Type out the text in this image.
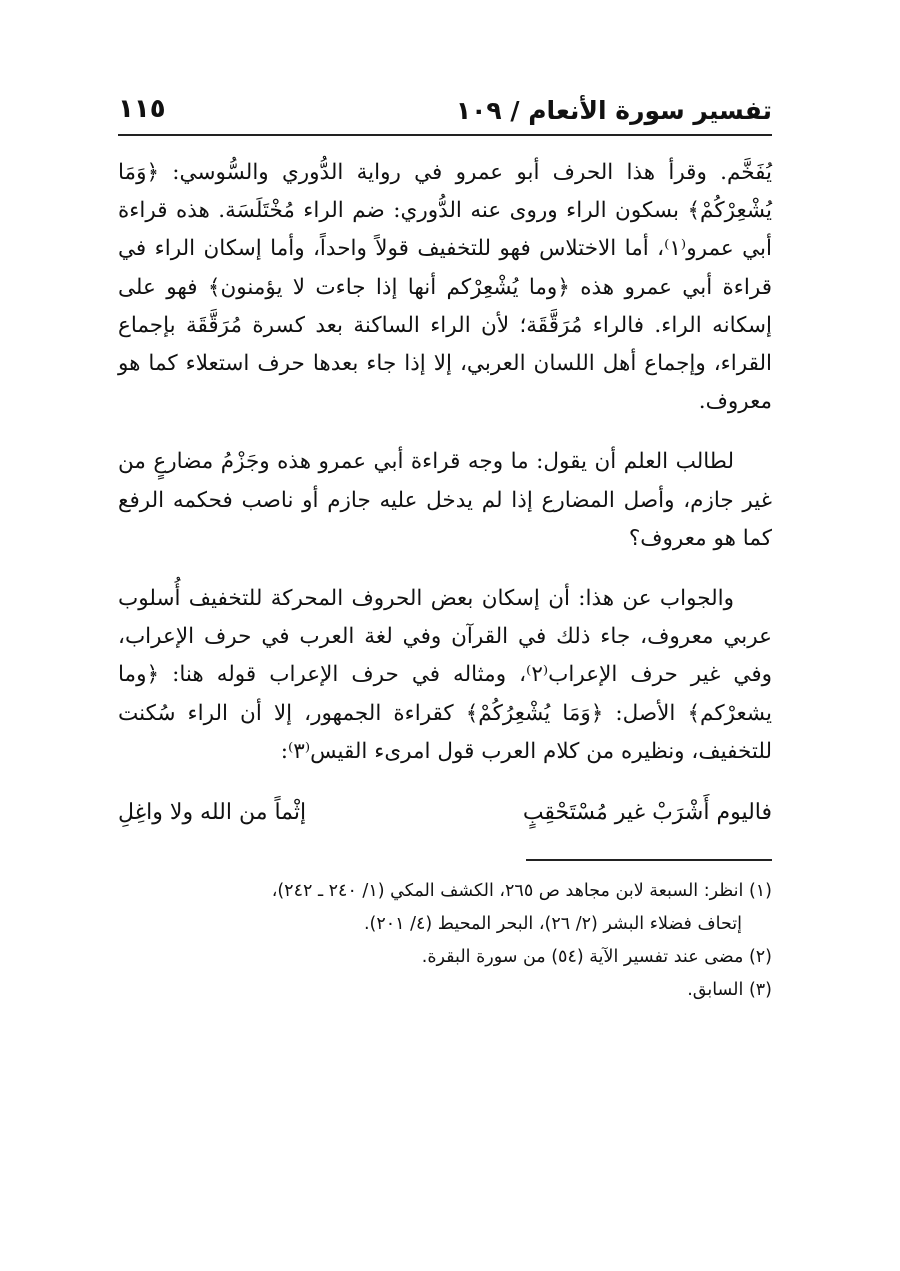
تفسير سورة الأنعام / ١٠٩
١١٥

يُفَخَّم. وقرأ هذا الحرف أبو عمرو في رواية الدُّوري والسُّوسي: ﴿وَمَا يُشْعِرْكُمْ﴾ بسكون الراء وروى عنه الدُّوري: ضم الراء مُخْتَلَسَة. هذه قراءة أبي عمرو⁽١⁾، أما الاختلاس فهو للتخفيف قولاً واحداً، وأما إسكان الراء في قراءة أبي عمرو هذه ﴿وما يُشْعِرْكم أنها إذا جاءت لا يؤمنون﴾ فهو على إسكانه الراء. فالراء مُرَقَّقَة؛ لأن الراء الساكنة بعد كسرة مُرَقَّقَة بإجماع القراء، وإجماع أهل اللسان العربي، إلا إذا جاء بعدها حرف استعلاء كما هو معروف.

لطالب العلم أن يقول: ما وجه قراءة أبي عمرو هذه وجَزْمُ مضارعٍ من غير جازم، وأصل المضارع إذا لم يدخل عليه جازم أو ناصب فحكمه الرفع كما هو معروف؟

والجواب عن هذا: أن إسكان بعض الحروف المحركة للتخفيف أُسلوب عربي معروف، جاء ذلك في القرآن وفي لغة العرب في حرف الإعراب، وفي غير حرف الإعراب⁽٢⁾، ومثاله في حرف الإعراب قوله هنا: ﴿وما يشعرْكم﴾ الأصل: ﴿وَمَا يُشْعِرُكُمْ﴾ كقراءة الجمهور، إلا أن الراء سُكنت للتخفيف، ونظيره من كلام العرب قول امرىء القيس⁽٣⁾:

فاليوم أَشْرَبْ غير مُسْتَحْقِبٍ
إثْماً من الله ولا واغِلِ

(١) انظر: السبعة لابن مجاهد ص ٢٦٥، الكشف المكي (١/ ٢٤٠ ـ ٢٤٢)،

إتحاف فضلاء البشر (٢/ ٢٦)، البحر المحيط (٤/ ٢٠١).

(٢) مضى عند تفسير الآية (٥٤) من سورة البقرة.

(٣) السابق.
